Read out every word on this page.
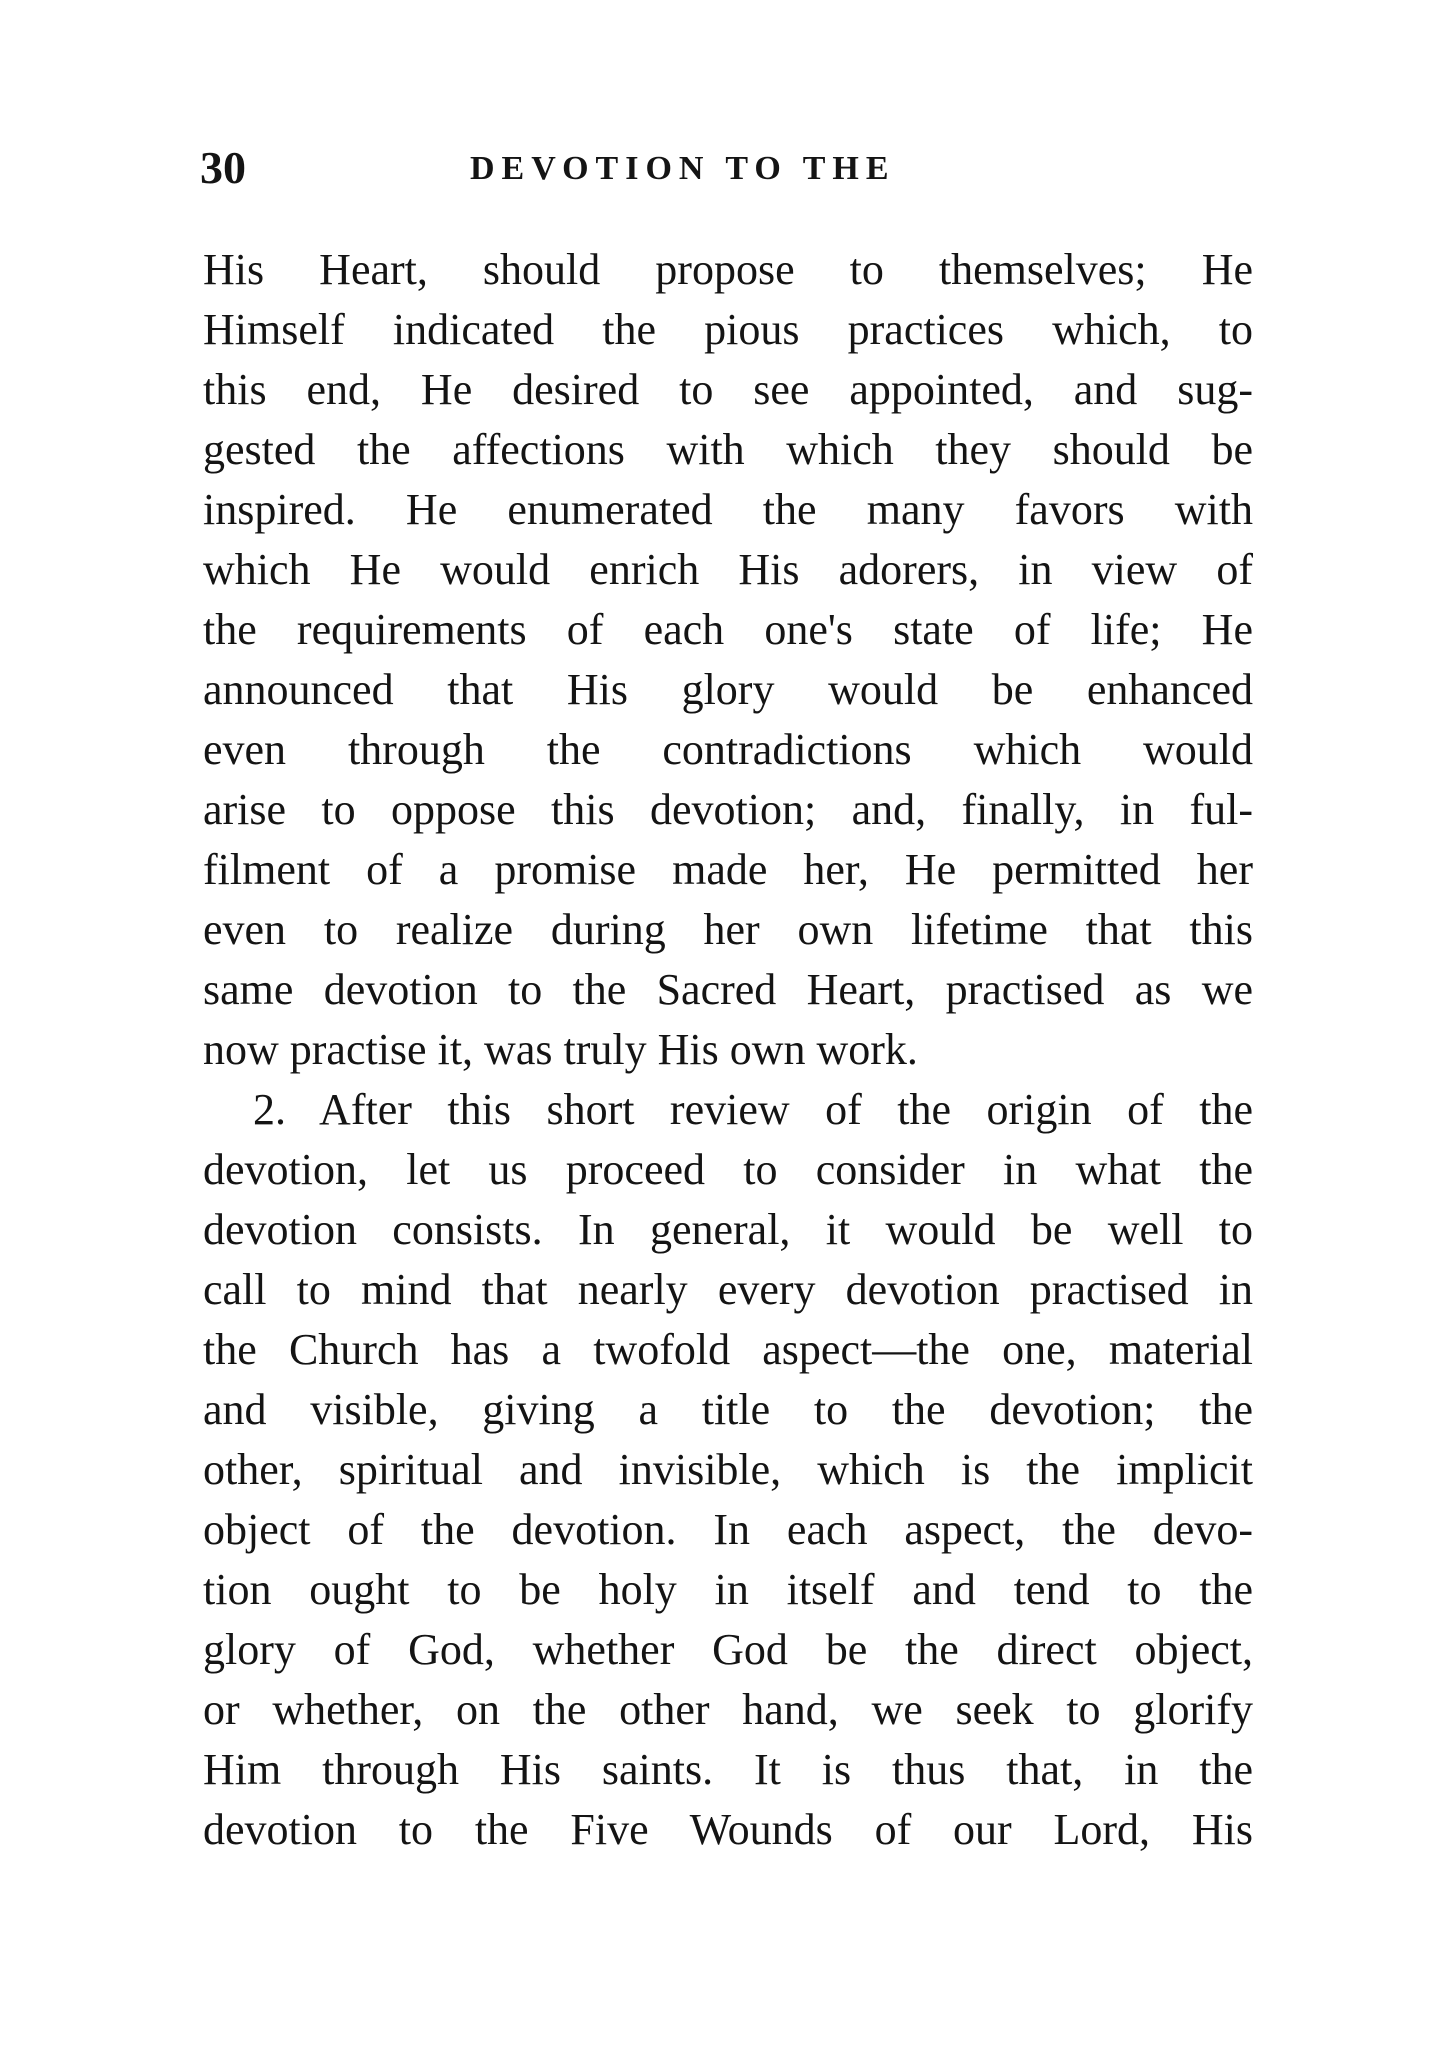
30	DEVOTION TO THE
His Heart, should propose to themselves; He
Himself indicated the pious practices which, to
this end, He desired to see appointed, and sug-
gested the affections with which they should be
inspired. He enumerated the many favors with
which He would enrich His adorers, in view of
the requirements of each one's state of life; He
announced that His glory would be enhanced
even through the contradictions which would
arise to oppose this devotion; and, finally, in ful-
filment of a promise made her, He permitted her
even to realize during her own lifetime that this
same devotion to the Sacred Heart, practised as we
now practise it, was truly His own work.
2. After this short review of the origin of the
devotion, let us proceed to consider in what the
devotion consists. In general, it would be well to
call to mind that nearly every devotion practised in
the Church has a twofold aspect—the one, material
and visible, giving a title to the devotion; the
other, spiritual and invisible, which is the implicit
object of the devotion. In each aspect, the devo-
tion ought to be holy in itself and tend to the
glory of God, whether God be the direct object,
or whether, on the other hand, we seek to glorify
Him through His saints. It is thus that, in the
devotion to the Five Wounds of our Lord, His
